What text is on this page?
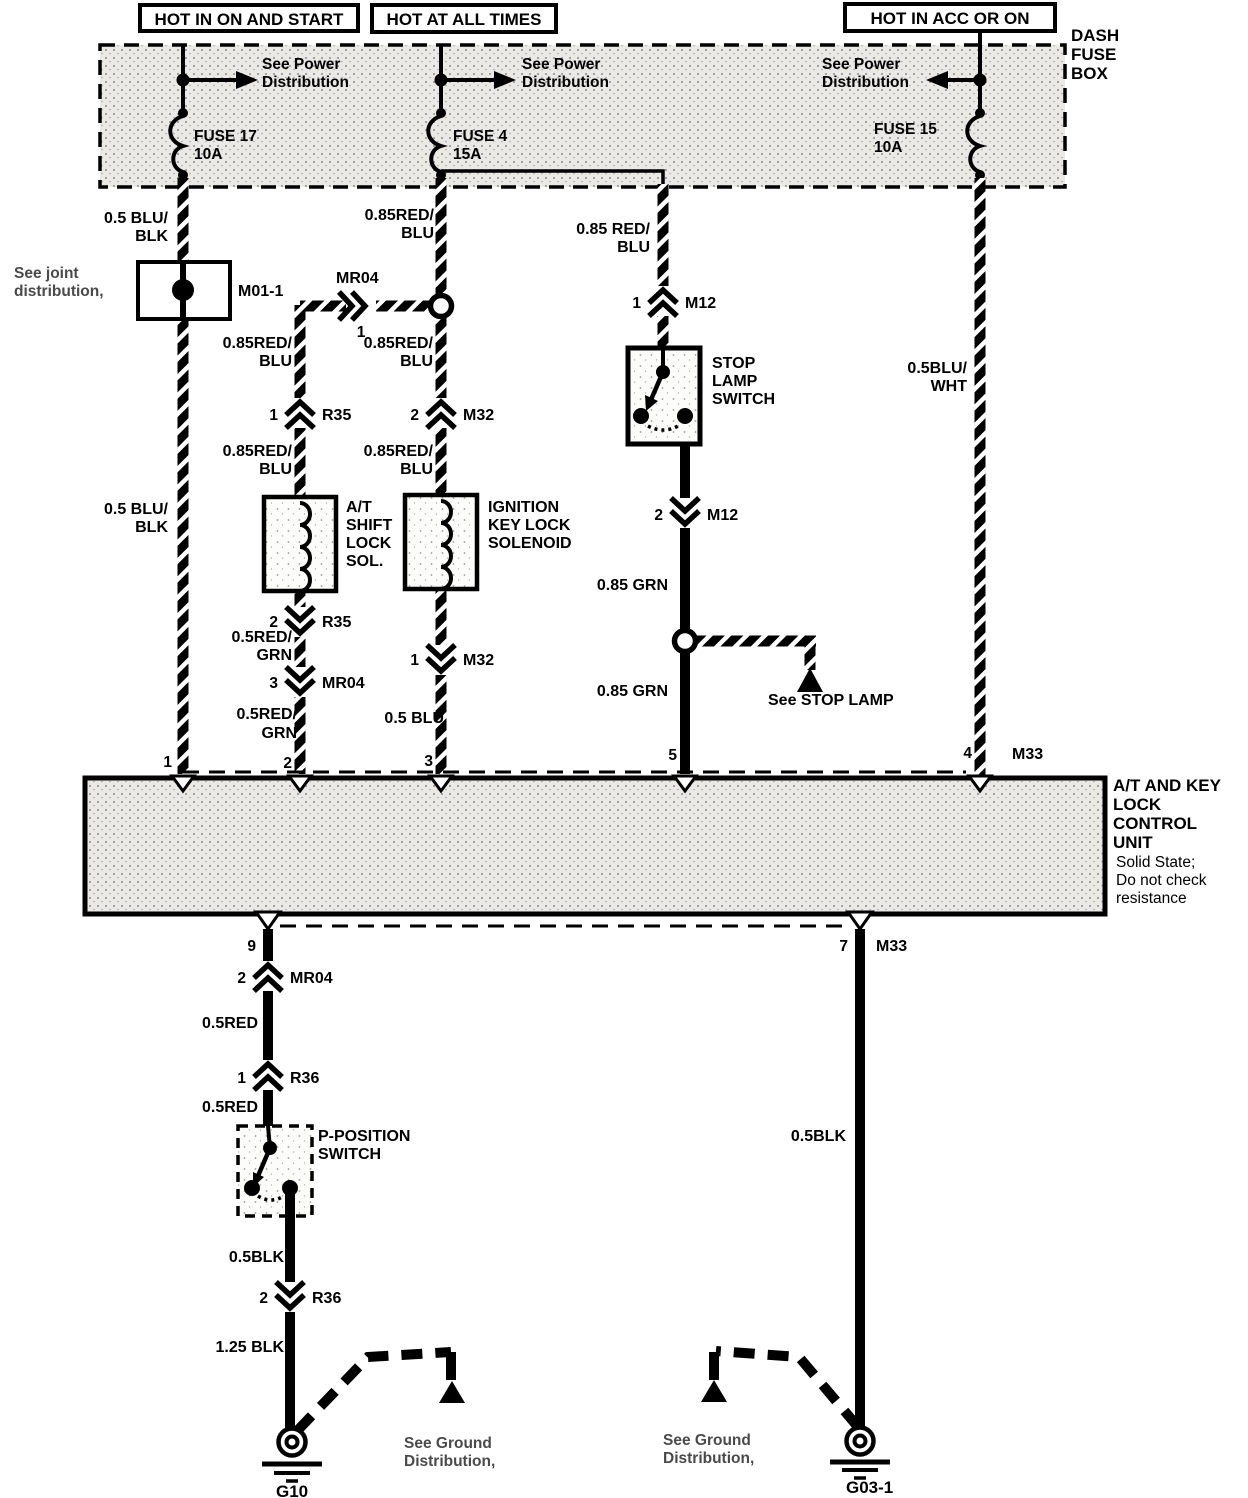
HOT IN ON AND START	HOT AT ALL TIMES	HOT IN ACC OR ON
DASH
FUSE
BOX
See Power
Distribution
FUSE 17
10A
See Power
Distribution
FUSE 4
15A
See Power
Distribution
FUSE 15
10A
M01-1
See joint
distribution,
MR04
1
0.5 BLU/
BLK
0.85RED/
BLU	0.85 RED/
BLU
0.85RED/
BLU
0.85RED/
BLU
0.5 BLU/
BLK
0.5BLU/
WHT
1	R35	2	M32
0.85RED/
BLU
0.85RED/
BLU
A/T
SHIFT
LOCK
SOL.
IGNITION
KEY LOCK
SOLENOID
2	R35
0.5RED/
GRN
3	MR04
0.5RED/
GRN
1	M32
0.5 BLU
1	M12
STOP
LAMP
SWITCH
2	M12
0.85 GRN
0.85 GRN
See STOP LAMP
1	2	3	5	4	M33
9	7 M33
A/T AND KEY
LOCK
CONTROL
UNIT
Solid State;
Do not check
resistance
2	MR04
0.5RED
1	R36
0.5RED
P-POSITION
SWITCH
0.5BLK
2	R36
1.25 BLK
G10
See Ground
Distribution,
0.5BLK
G03-1
See Ground
Distribution,
